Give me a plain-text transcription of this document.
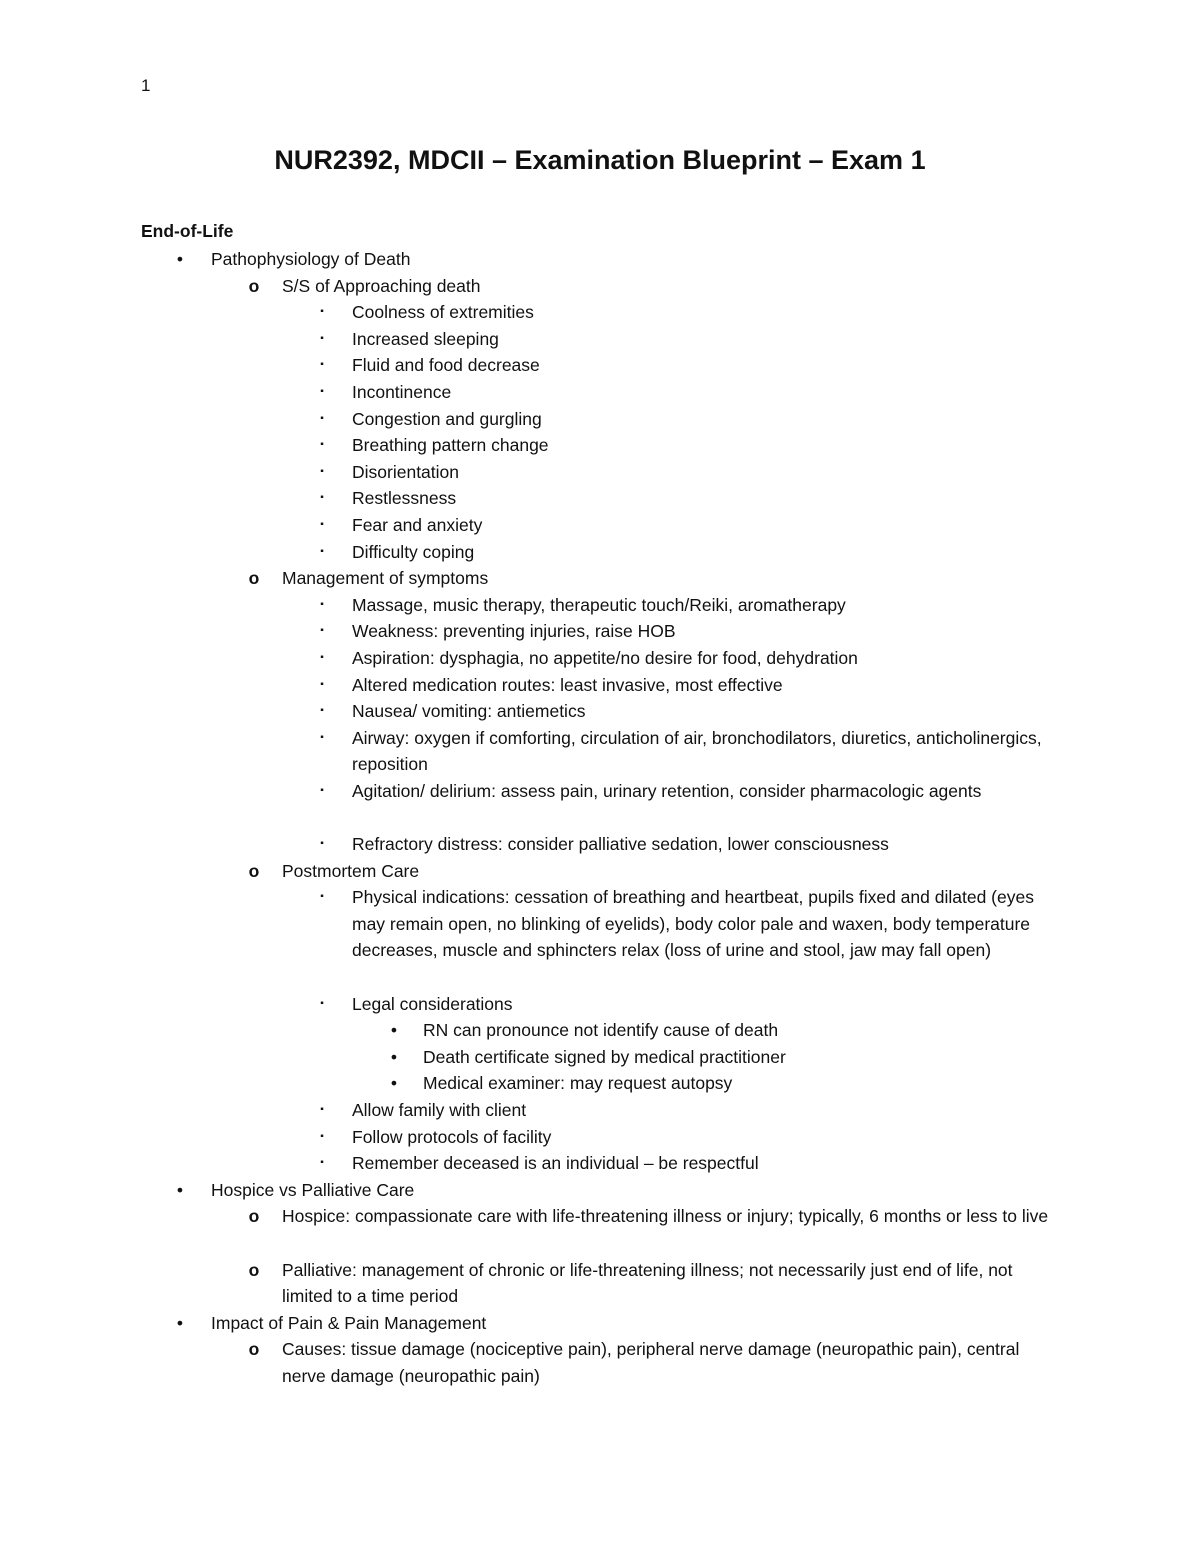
1
NUR2392, MDCII – Examination Blueprint – Exam 1
End-of-Life
•	Pathophysiology of Death
o S/S of Approaching death
▪	Coolness of extremities
▪	Increased sleeping
▪	Fluid and food decrease
▪	Incontinence
▪	Congestion and gurgling
▪	Breathing pattern change
▪	Disorientation
▪	Restlessness
▪	Fear and anxiety
▪	Difficulty coping
o Management of symptoms
▪	Massage, music therapy, therapeutic touch/Reiki, aromatherapy
▪	Weakness: preventing injuries, raise HOB
▪	Aspiration: dysphagia, no appetite/no desire for food, dehydration
▪	Altered medication routes: least invasive, most effective
▪	Nausea/ vomiting: antiemetics
▪	Airway: oxygen if comforting, circulation of air, bronchodilators, diuretics, anticholinergics, reposition
▪	Agitation/ delirium: assess pain, urinary retention, consider pharmacologic agents
▪	Refractory distress: consider palliative sedation, lower consciousness
o Postmortem Care
▪	Physical indications: cessation of breathing and heartbeat, pupils fixed and dilated (eyes may remain open, no blinking of eyelids), body color pale and waxen, body temperature decreases, muscle and sphincters relax (loss of urine and stool, jaw may fall open)
▪	Legal considerations
•	RN can pronounce not identify cause of death
•	Death certificate signed by medical practitioner
•	Medical examiner: may request autopsy
▪	Allow family with client
▪	Follow protocols of facility
▪	Remember deceased is an individual – be respectful
•	Hospice vs Palliative Care
o Hospice: compassionate care with life-threatening illness or injury; typically, 6 months or less to live
o Palliative: management of chronic or life-threatening illness; not necessarily just end of life, not limited to a time period
•	Impact of Pain & Pain Management
o Causes: tissue damage (nociceptive pain), peripheral nerve damage (neuropathic pain), central nerve damage (neuropathic pain)
